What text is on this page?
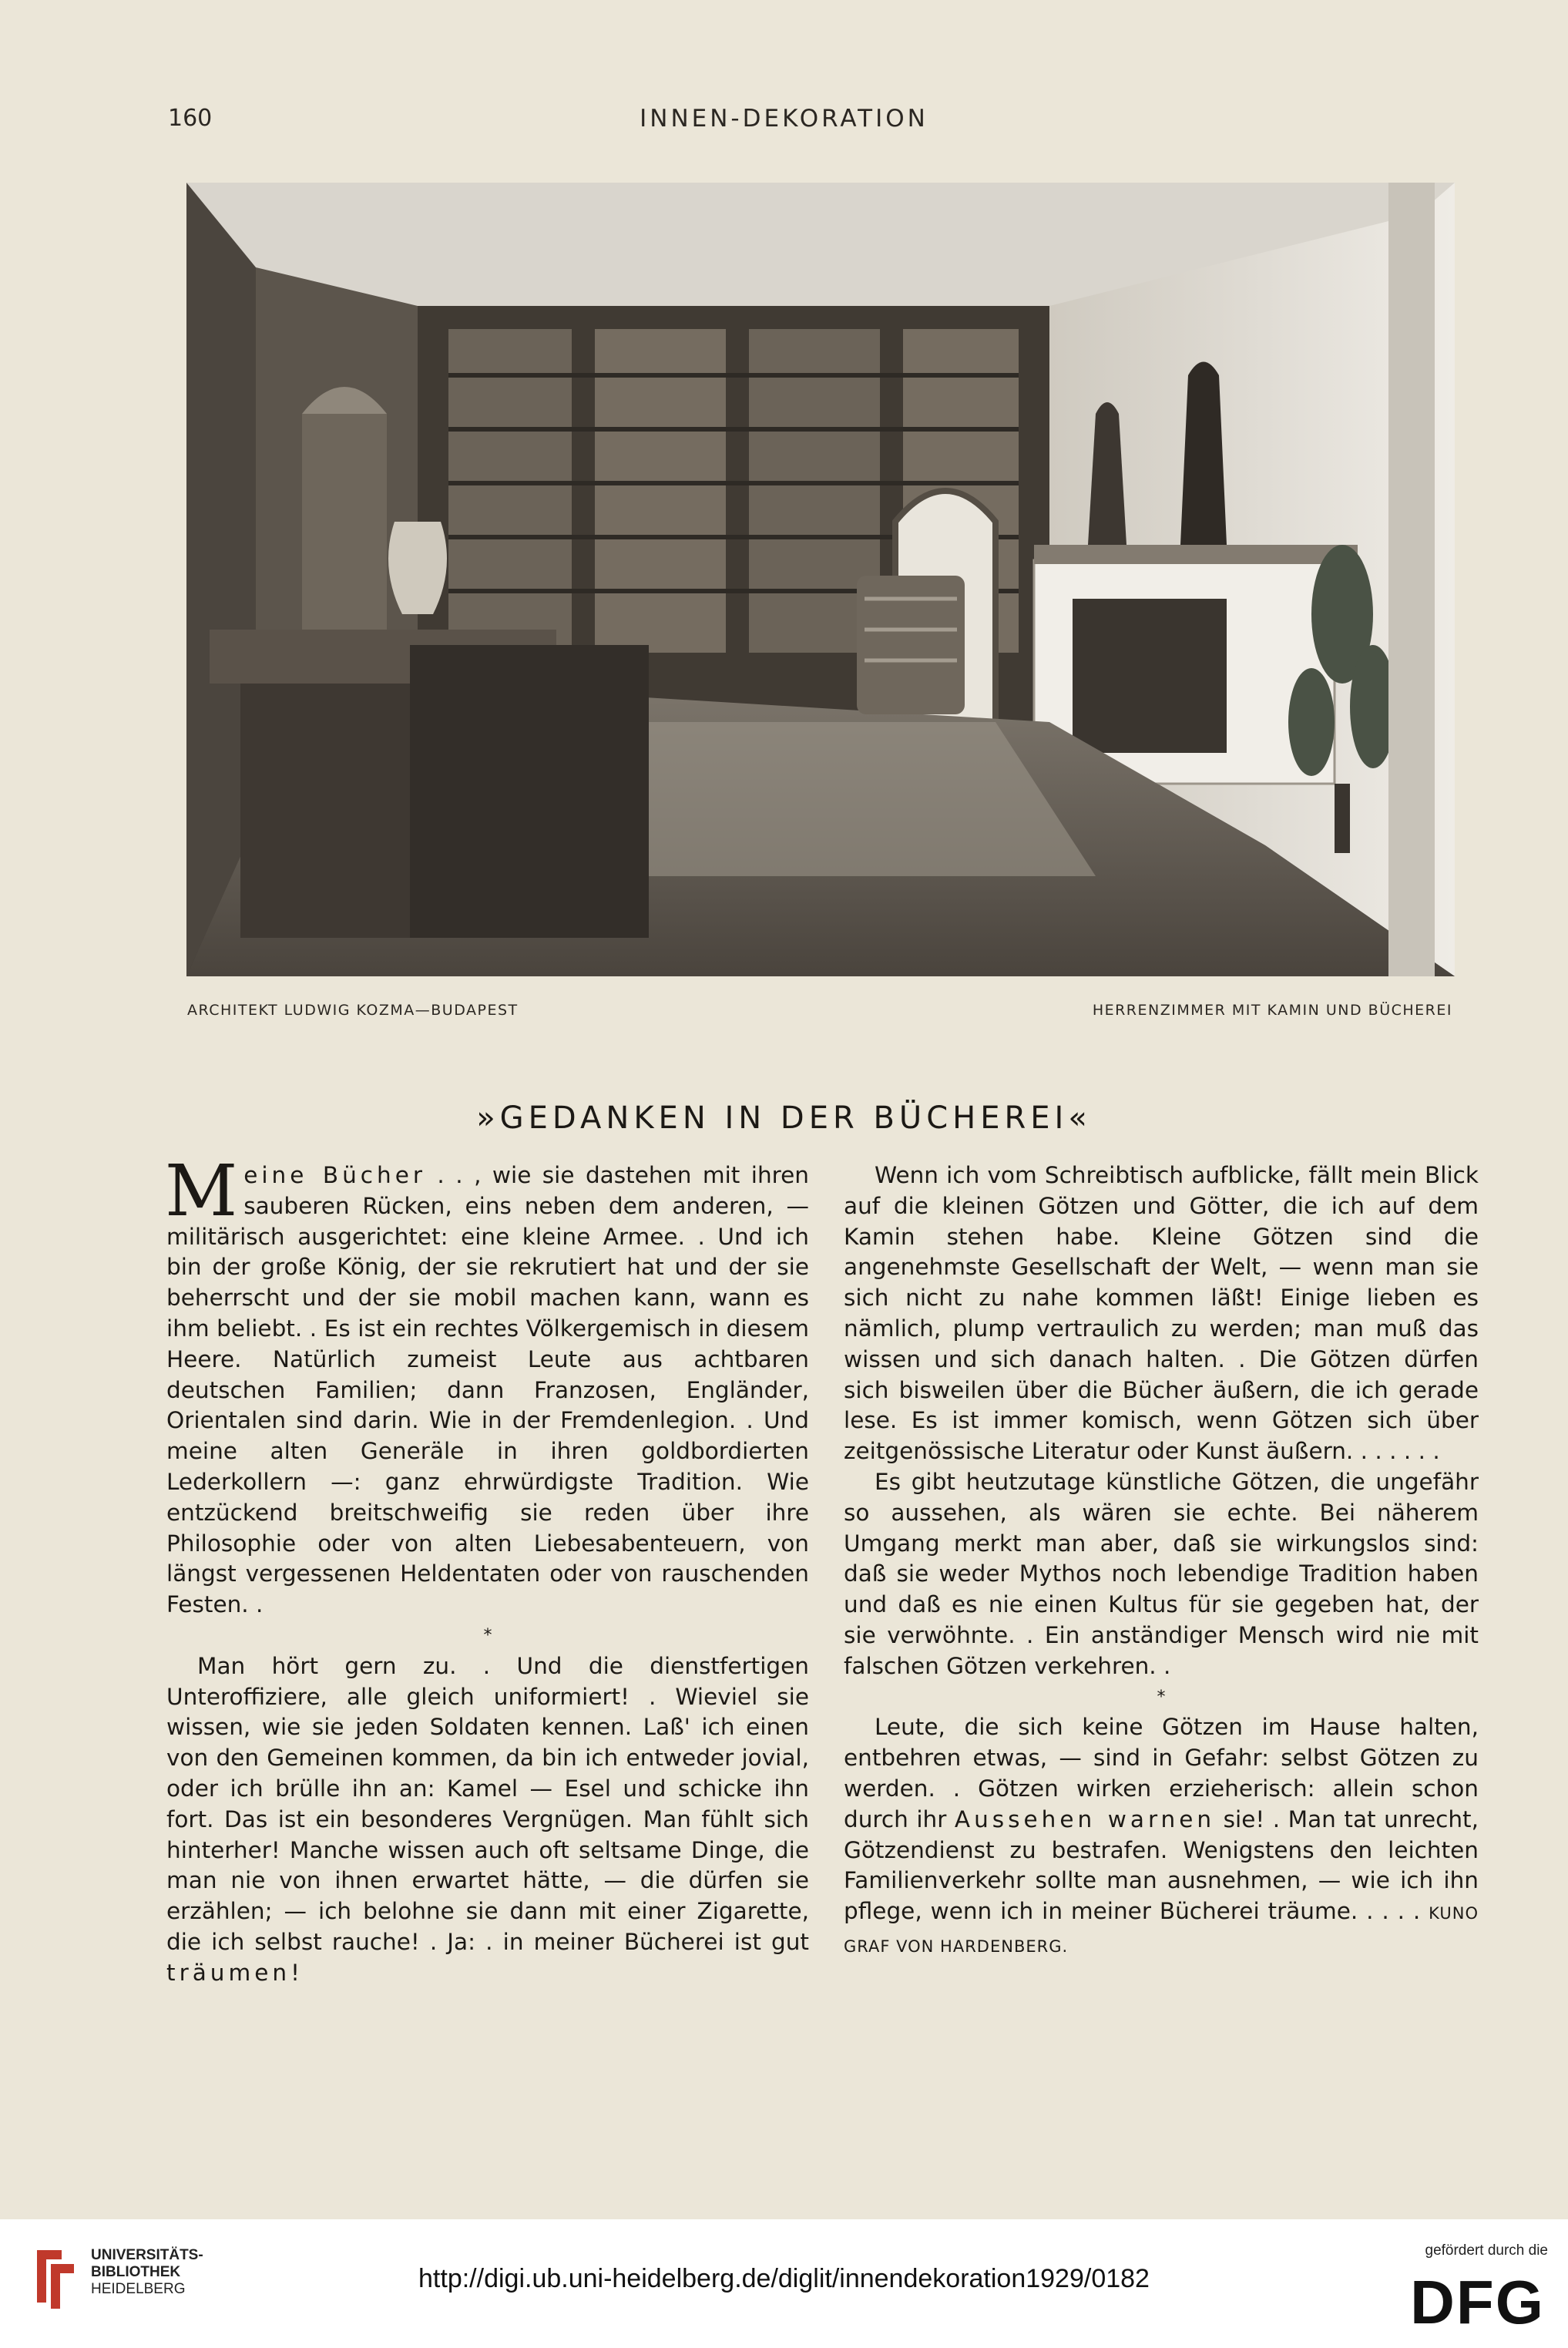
160	INNEN-DEKORATION
ARCHITEKT LUDWIG KOZMA—BUDAPEST	HERRENZIMMER MIT KAMIN UND BÜCHEREI
»GEDANKEN IN DER BÜCHEREI«

Meine Bücher . . , wie sie dastehen mit ihren sauberen Rücken, eins neben dem anderen, — militärisch ausgerichtet: eine kleine Armee. . Und ich bin der große König, der sie rekrutiert hat und der sie beherrscht und der sie mobil machen kann, wann es ihm beliebt. . Es ist ein rechtes Völkergemisch in diesem Heere. Natürlich zumeist Leute aus achtbaren deutschen Familien; dann Franzosen, Engländer, Orientalen sind darin. Wie in der Fremdenlegion. . Und meine alten Generäle in ihren goldbordierten Lederkollern —: ganz ehrwürdigste Tradition. Wie entzückend breitschweifig sie reden über ihre Philosophie oder von alten Liebesabenteuern, von längst vergessenen Heldentaten oder von rauschenden Festen. .

*

Man hört gern zu. . Und die dienstfertigen Unteroffiziere, alle gleich uniformiert! . Wieviel sie wissen, wie sie jeden Soldaten kennen. Laß' ich einen von den Gemeinen kommen, da bin ich entweder jovial, oder ich brülle ihn an: Kamel — Esel und schicke ihn fort. Das ist ein besonderes Vergnügen. Man fühlt sich hinterher! Manche wissen auch oft seltsame Dinge, die man nie von ihnen erwartet hätte, — die dürfen sie erzählen; — ich belohne sie dann mit einer Zigarette, die ich selbst rauche! . Ja: . in meiner Bücherei ist gut träumen!

Wenn ich vom Schreibtisch aufblicke, fällt mein Blick auf die kleinen Götzen und Götter, die ich auf dem Kamin stehen habe. Kleine Götzen sind die angenehmste Gesellschaft der Welt, — wenn man sie sich nicht zu nahe kommen läßt! Einige lieben es nämlich, plump vertraulich zu werden; man muß das wissen und sich danach halten. . Die Götzen dürfen sich bisweilen über die Bücher äußern, die ich gerade lese. Es ist immer komisch, wenn Götzen sich über zeitgenössische Literatur oder Kunst äußern. . . . . . .

Es gibt heutzutage künstliche Götzen, die ungefähr so aussehen, als wären sie echte. Bei näherem Umgang merkt man aber, daß sie wirkungslos sind: daß sie weder Mythos noch lebendige Tradition haben und daß es nie einen Kultus für sie gegeben hat, der sie verwöhnte. . Ein anständiger Mensch wird nie mit falschen Götzen verkehren. .

*

Leute, die sich keine Götzen im Hause halten, entbehren etwas, — sind in Gefahr: selbst Götzen zu werden. . Götzen wirken erzieherisch: allein schon durch ihr Aussehen warnen sie! . Man tat unrecht, Götzendienst zu bestrafen. Wenigstens den leichten Familienverkehr sollte man ausnehmen, — wie ich ihn pflege, wenn ich in meiner Bücherei träume. . . . . KUNO GRAF VON HARDENBERG.

UNIVERSITÄTS-
BIBLIOTHEK
HEIDELBERG	http://digi.ub.uni-heidelberg.de/diglit/innendekoration1929/0182
gefördert durch die
DFG
